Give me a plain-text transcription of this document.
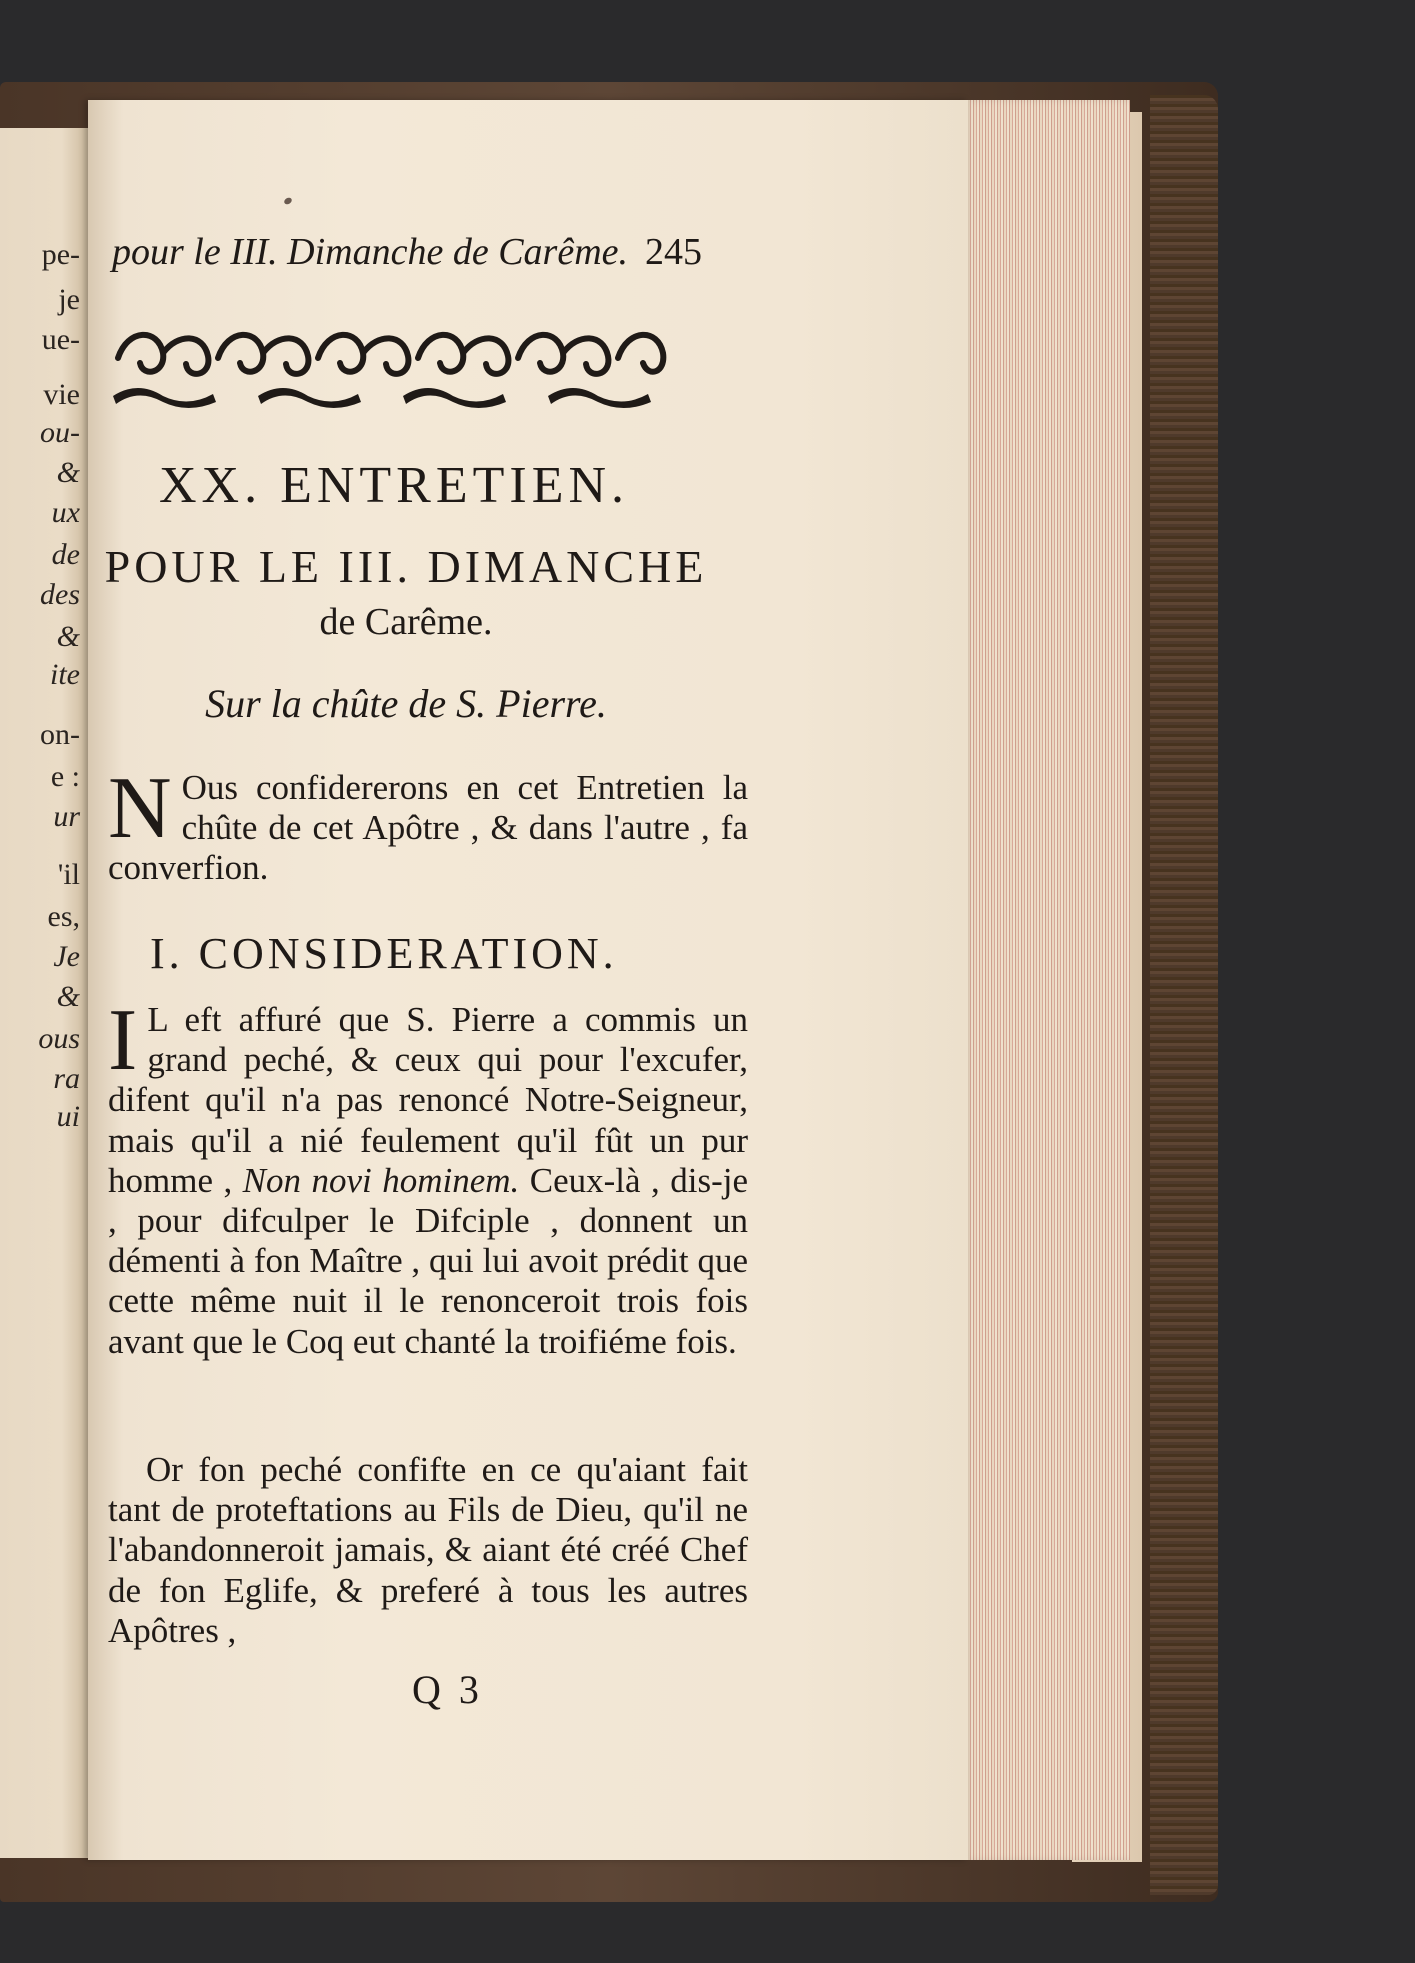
pe-
je
ue-
vie
ou-
&
ux
de
des
&
ite
on-
e :
ur
'il
es,
Je
&
ous
ra
ui
pour le III. Dimanche de Carême. 245
XX. ENTRETIEN.
POUR LE III. DIMANCHE
de Carême.
Sur la chûte de S. Pierre.
N Ous confidererons en cet Entretien la chûte de cet Apôtre , & dans l'autre , fa converfion.
I. CONSIDERATION.
I L eft affuré que S. Pierre a commis un grand peché, & ceux qui pour l'excufer, difent qu'il n'a pas renoncé Notre-Seigneur, mais qu'il a nié feulement qu'il fût un pur homme , Non novi hominem. Ceux-là , dis-je , pour difculper le Difciple , donnent un démenti à fon Maître , qui lui avoit prédit que cette même nuit il le renonceroit trois fois avant que le Coq eut chanté la troifiéme fois.
Or fon peché confifte en ce qu'aiant fait tant de proteftations au Fils de Dieu, qu'il ne l'abandonneroit jamais, & aiant été créé Chef de fon Eglife, & preferé à tous les autres Apôtres ,
Q 3
